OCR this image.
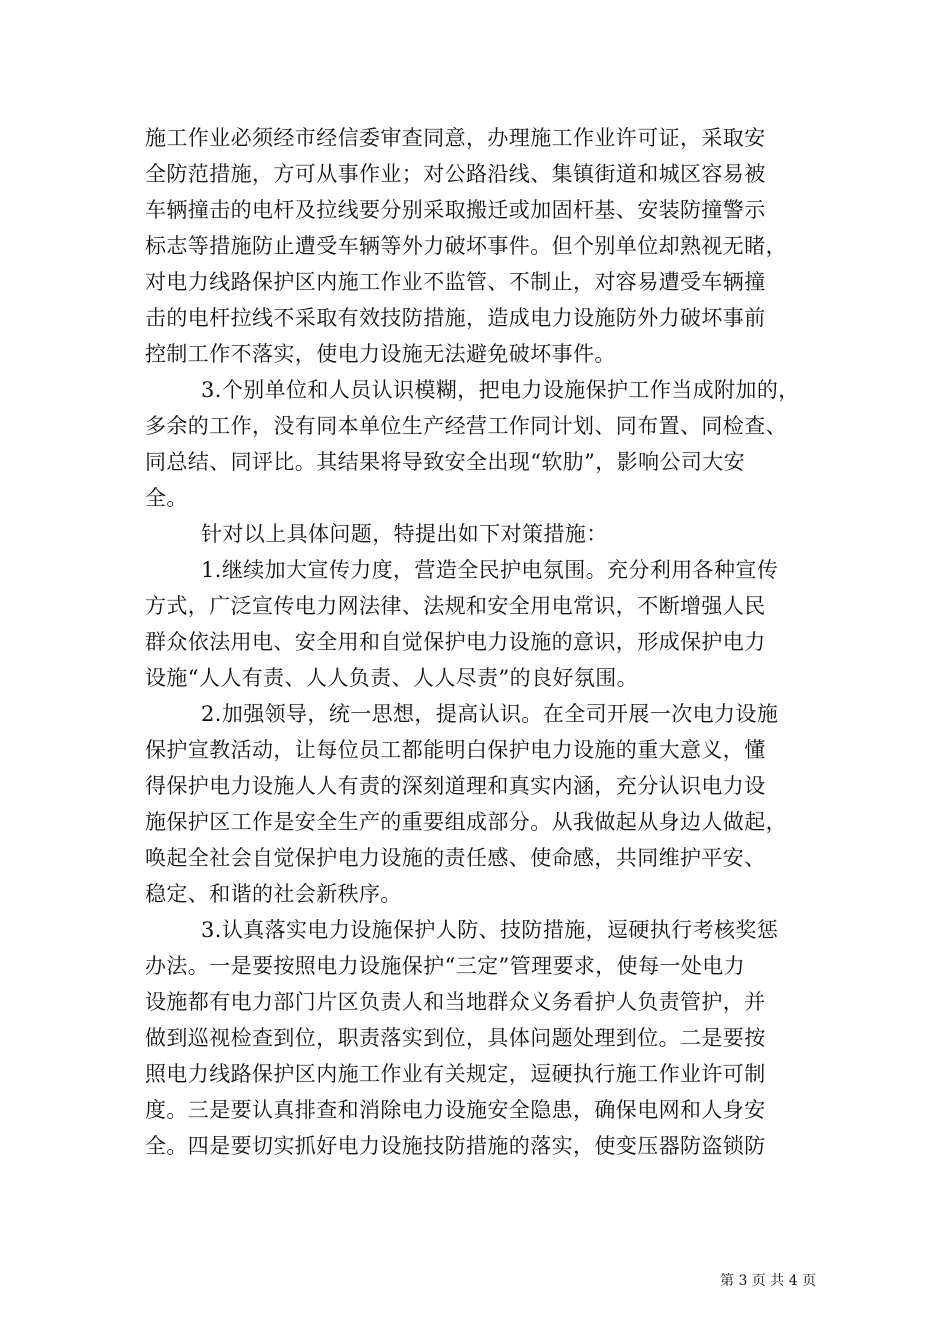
施工作业必须经市经信委审查同意，办理施工作业许可证，采取安
全防范措施，方可从事作业；对公路沿线、集镇街道和城区容易被
车辆撞击的电杆及拉线要分别采取搬迁或加固杆基、安装防撞警示
标志等措施防止遭受车辆等外力破坏事件。但个别单位却熟视无睹，
对电力线路保护区内施工作业不监管、不制止，对容易遭受车辆撞
击的电杆拉线不采取有效技防措施，造成电力设施防外力破坏事前
控制工作不落实，使电力设施无法避免破坏事件。
3.个别单位和人员认识模糊，把电力设施保护工作当成附加的，
多余的工作，没有同本单位生产经营工作同计划、同布置、同检查、
同总结、同评比。其结果将导致安全出现“软肋”，影响公司大安
全。
针对以上具体问题，特提出如下对策措施：
1.继续加大宣传力度，营造全民护电氛围。充分利用各种宣传
方式，广泛宣传电力网法律、法规和安全用电常识，不断增强人民
群众依法用电、安全用和自觉保护电力设施的意识，形成保护电力
设施“人人有责、人人负责、人人尽责”的良好氛围。
2.加强领导，统一思想，提高认识。在全司开展一次电力设施
保护宣教活动，让每位员工都能明白保护电力设施的重大意义，懂
得保护电力设施人人有责的深刻道理和真实内涵，充分认识电力设
施保护区工作是安全生产的重要组成部分。从我做起从身边人做起，
唤起全社会自觉保护电力设施的责任感、使命感，共同维护平安、
稳定、和谐的社会新秩序。
3.认真落实电力设施保护人防、技防措施，逗硬执行考核奖惩
办法。一是要按照电力设施保护“三定”管理要求，使每一处电力
设施都有电力部门片区负责人和当地群众义务看护人负责管护，并
做到巡视检查到位，职责落实到位，具体问题处理到位。二是要按
照电力线路保护区内施工作业有关规定，逗硬执行施工作业许可制
度。三是要认真排查和消除电力设施安全隐患，确保电网和人身安
全。四是要切实抓好电力设施技防措施的落实，使变压器防盗锁防
第 3 页 共 4 页
